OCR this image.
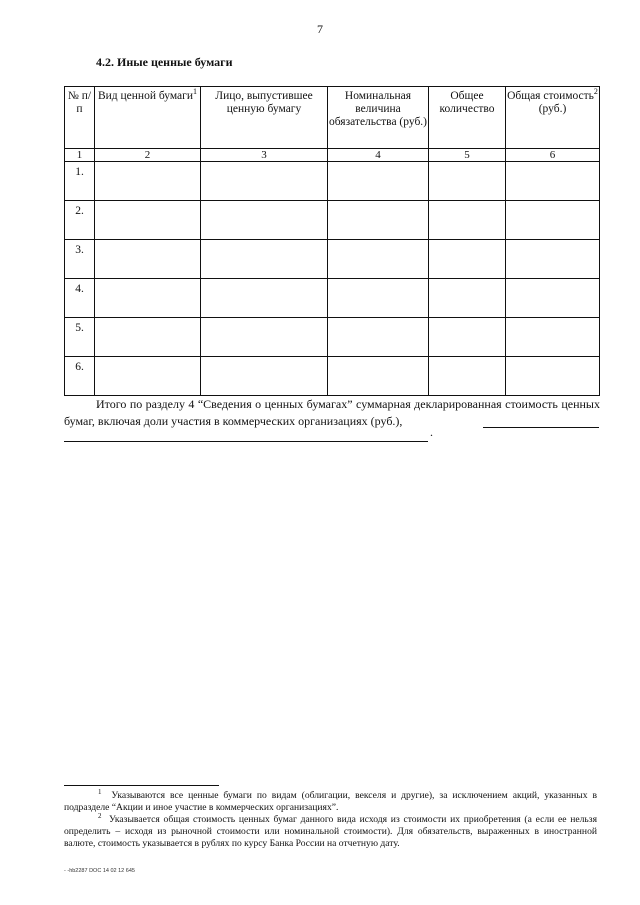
7
4.2. Иные ценные бумаги
№ п/п	Вид ценной бумаги$^1$	Лицо, выпустившее ценную бумагу	Номинальная величина обязательства (руб.)	Общее количество	Общая стоимость$^2$ (руб.)
1	2	3	4	5	6
1.					
2.					
3.					
4.					
5.					
6.					
Итого по разделу 4 “Сведения о ценных бумагах” суммарная декларированная стоимость ценных бумаг, включая доли участия в коммерческих организациях (руб.),
.
$^1$ Указываются все ценные бумаги по видам (облигации, векселя и другие), за исключением акций, указанных в подразделе “Акции и иное участие в коммерческих организациях”.
$^2$ Указывается общая стоимость ценных бумаг данного вида исходя из стоимости их приобретения (а если ее нельзя определить – исходя из рыночной стоимости или номинальной стоимости). Для обязательств, выраженных в иностранной валюте, стоимость указывается в рублях по курсу Банка России на отчетную дату.
- -hb2287 DOC 14 02 12 645
